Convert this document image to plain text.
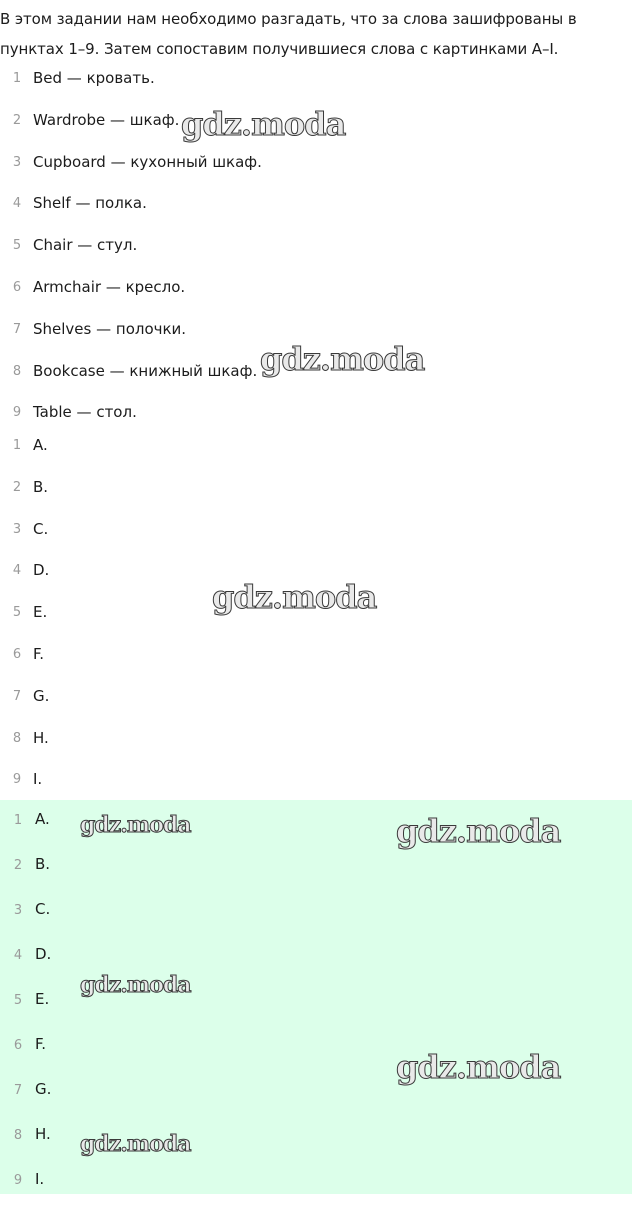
В этом задании нам необходимо разгадать, что за слова зашифрованы в пунктах 1–9. Затем сопоставим получившиеся слова с картинками A–I.
1 Bed — кровать.
2 Wardrobe — шкаф.
3 Cupboard — кухонный шкаф.
4 Shelf — полка.
5 Chair — стул.
6 Armchair — кресло.
7 Shelves — полочки.
8 Bookcase — книжный шкаф.
9 Table — стол.
1 A.
2 B.
3 C.
4 D.
5 E.
6 F.
7 G.
8 H.
9 I.
1 A.
2 B.
3 C.
4 D.
5 E.
6 F.
7 G.
8 H.
9 I.
gdz.moda
gdz.moda
gdz.moda
gdz.moda	gdz.moda
gdz.moda
gdz.moda
gdz.moda
